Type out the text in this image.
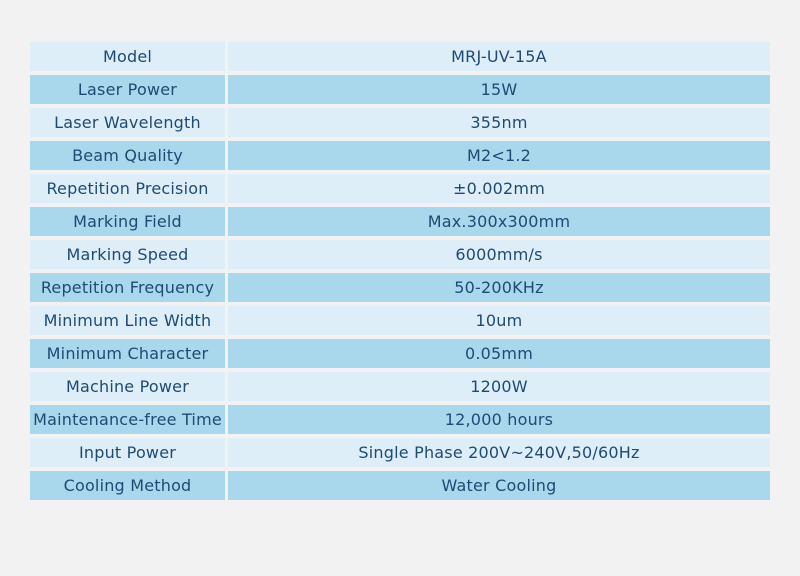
Model	MRJ-UV-15A
Laser Power	15W
Laser Wavelength	355nm
Beam Quality	M2<1.2
Repetition Precision	±0.002mm
Marking Field	Max.300x300mm
Marking Speed	6000mm/s
Repetition Frequency	50-200KHz
Minimum Line Width	10um
Minimum Character	0.05mm
Machine Power	1200W
Maintenance-free Time	12,000 hours
Input Power	Single Phase 200V~240V,50/60Hz
Cooling Method	Water Cooling
